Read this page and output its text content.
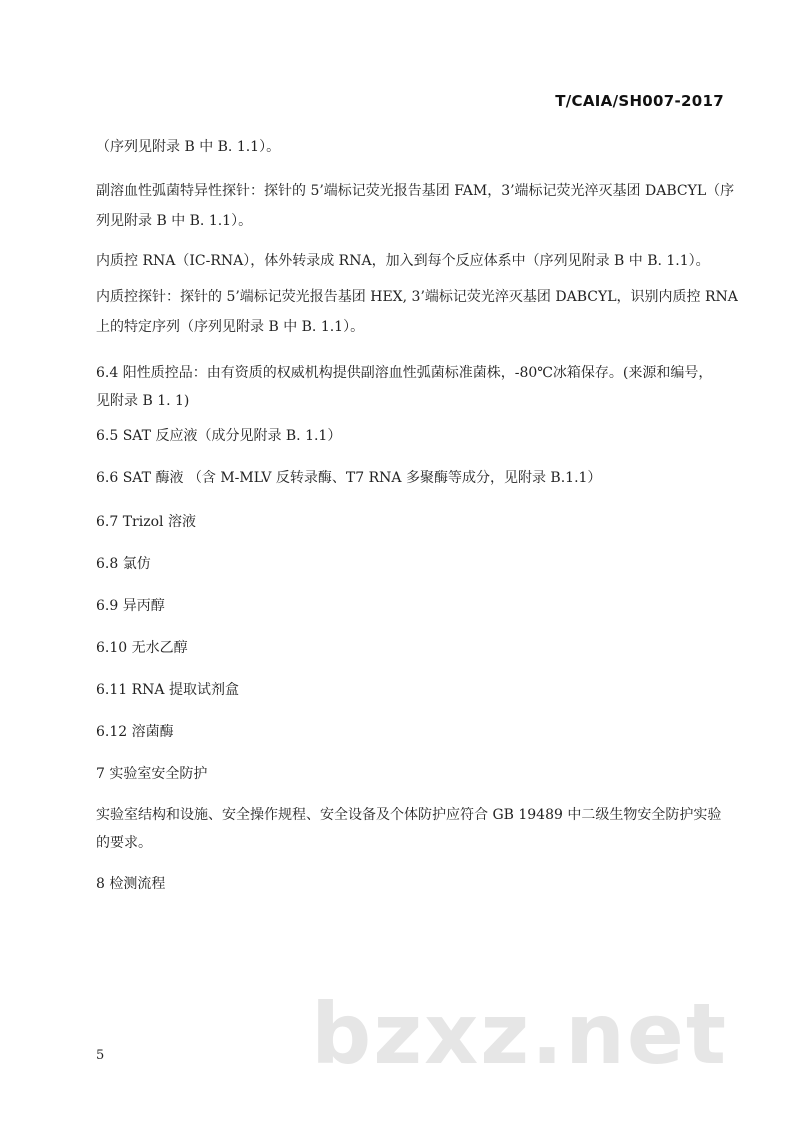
T/CAIA/SH007-2017
（序列见附录 B 中 B. 1.1）。
副溶血性弧菌特异性探针：探针的 5’端标记荧光报告基团 FAM，3’端标记荧光淬灭基团 DABCYL（序
列见附录 B 中 B. 1.1）。
内质控 RNA（IC-RNA），体外转录成 RNA，加入到每个反应体系中（序列见附录 B 中 B. 1.1）。
内质控探针：探针的 5’端标记荧光报告基团 HEX, 3’端标记荧光淬灭基团 DABCYL，识别内质控 RNA
上的特定序列（序列见附录 B 中 B. 1.1）。
6.4 阳性质控品：由有资质的权威机构提供副溶血性弧菌标准菌株，-80℃冰箱保存。(来源和编号，
见附录 B 1. 1)
6.5 SAT 反应液（成分见附录 B. 1.1）
6.6 SAT 酶液 （含 M-MLV 反转录酶、T7 RNA 多聚酶等成分，见附录 B.1.1）
6.7 Trizol 溶液
6.8 氯仿
6.9 异丙醇
6.10 无水乙醇
6.11 RNA 提取试剂盒
6.12 溶菌酶
7 实验室安全防护
实验室结构和设施、安全操作规程、安全设备及个体防护应符合 GB 19489 中二级生物安全防护实验
的要求。
8 检测流程
bzxz.net
5
